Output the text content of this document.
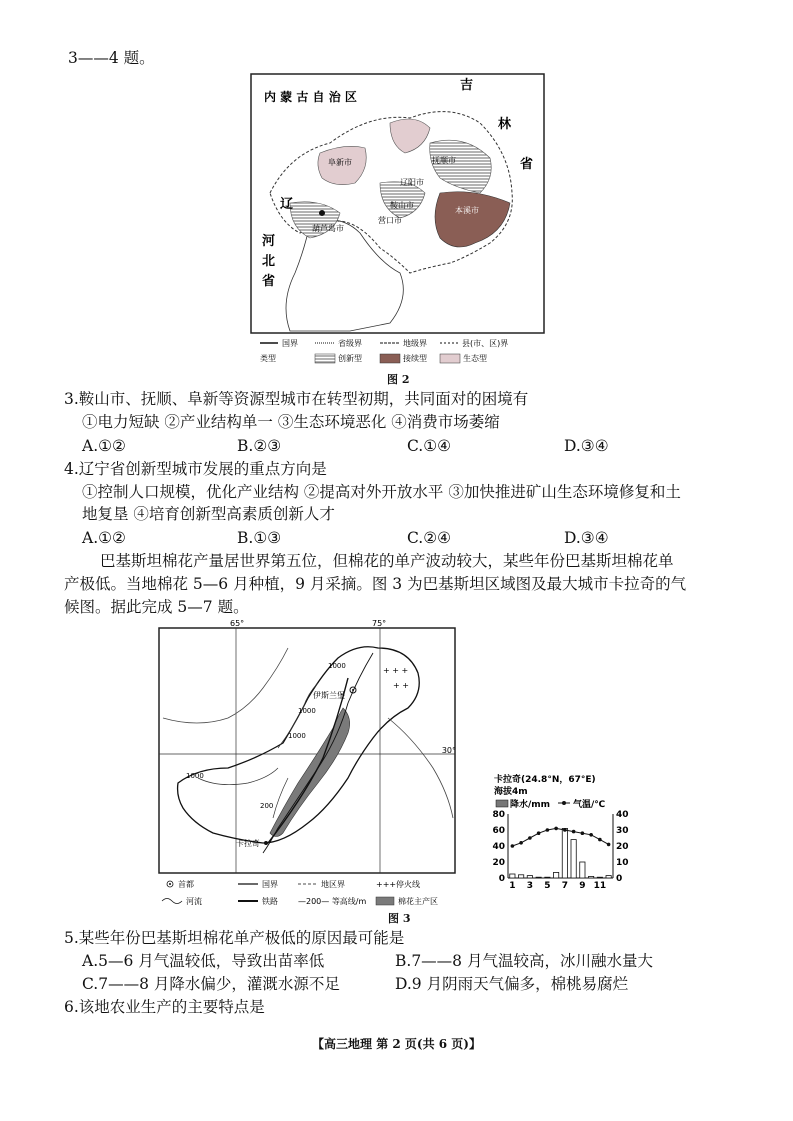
3——4 题。
内 蒙 古 自 治 区
吉
林
省
辽
河
北
省
阜新市	抚顺市
辽阳市
鞍山市
葫芦岛市
营口市
本溪市
国界	省级界	地级界	县(市、区)界
类型	创新型	接续型	生态型
图 2
3.鞍山市、抚顺、阜新等资源型城市在转型初期，共同面对的困境有
①电力短缺 ②产业结构单一 ③生态环境恶化 ④消费市场萎缩
A.①②	B.②③	C.①④	D.③④
4.辽宁省创新型城市发展的重点方向是
①控制人口规模，优化产业结构 ②提高对外开放水平 ③加快推进矿山生态环境修复和土
地复垦 ④培育创新型高素质创新人才
A.①②	B.①③	C.②④	D.③④
巴基斯坦棉花产量居世界第五位，但棉花的单产波动较大，某些年份巴基斯坦棉花单
产极低。当地棉花 5—6 月种植，9 月采摘。图 3 为巴基斯坦区域图及最大城市卡拉奇的气
候图。据此完成 5—7 题。
65°	75°
30°
+ + +
+ +
伊斯兰堡
卡拉奇
1000
1000
1000
1000
200
首都	国界	地区界	+++ 停火线
河流	铁路	—200— 等高线/m	棉花主产区
图 3
卡拉奇(24.8°N，67°E)
海拔4m
降水/mm	气温/℃
80
60
40
20
0
40
30
20
10
0
1 3 5 7 9 11
5.某些年份巴基斯坦棉花单产极低的原因最可能是
A.5—6 月气温较低，导致出苗率低	B.7——8 月气温较高，冰川融水量大
C.7——8 月降水偏少，灌溉水源不足	D.9 月阴雨天气偏多，棉桃易腐烂
6.该地农业生产的主要特点是
【高三地理 第 2 页(共 6 页)】
